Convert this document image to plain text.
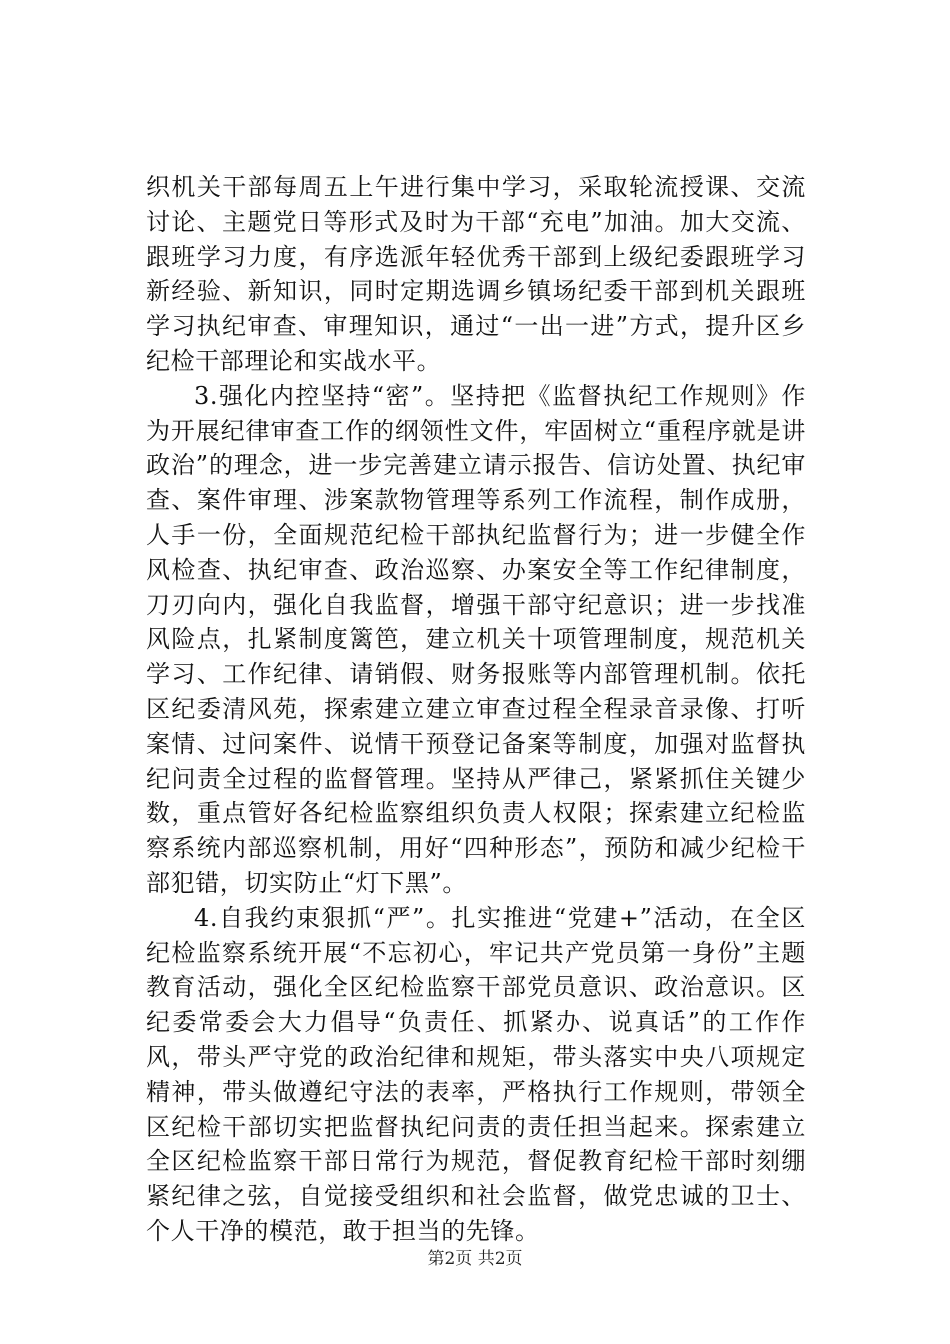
织机关干部每周五上午进行集中学习，采取轮流授课、交流讨论、主题党日等形式及时为干部“充电”加油。加大交流、跟班学习力度，有序选派年轻优秀干部到上级纪委跟班学习新经验、新知识，同时定期选调乡镇场纪委干部到机关跟班学习执纪审查、审理知识，通过“一出一进”方式，提升区乡纪检干部理论和实战水平。

3.强化内控坚持“密”。坚持把《监督执纪工作规则》作为开展纪律审查工作的纲领性文件，牢固树立“重程序就是讲政治”的理念，进一步完善建立请示报告、信访处置、执纪审查、案件审理、涉案款物管理等系列工作流程，制作成册，人手一份，全面规范纪检干部执纪监督行为；进一步健全作风检查、执纪审查、政治巡察、办案安全等工作纪律制度，刀刃向内，强化自我监督，增强干部守纪意识；进一步找准风险点，扎紧制度篱笆，建立机关十项管理制度，规范机关学习、工作纪律、请销假、财务报账等内部管理机制。依托区纪委清风苑，探索建立建立审查过程全程录音录像、打听案情、过问案件、说情干预登记备案等制度，加强对监督执纪问责全过程的监督管理。坚持从严律己，紧紧抓住关键少数，重点管好各纪检监察组织负责人权限；探索建立纪检监察系统内部巡察机制，用好“四种形态”，预防和减少纪检干部犯错，切实防止“灯下黑”。

4.自我约束狠抓“严”。扎实推进“党建+”活动，在全区纪检监察系统开展“不忘初心，牢记共产党员第一身份”主题教育活动，强化全区纪检监察干部党员意识、政治意识。区纪委常委会大力倡导“负责任、抓紧办、说真话”的工作作风，带头严守党的政治纪律和规矩，带头落实中央八项规定精神，带头做遵纪守法的表率，严格执行工作规则，带领全区纪检干部切实把监督执纪问责的责任担当起来。探索建立全区纪检监察干部日常行为规范，督促教育纪检干部时刻绷紧纪律之弦，自觉接受组织和社会监督，做党忠诚的卫士、个人干净的模范，敢于担当的先锋。

第2页 共2页
